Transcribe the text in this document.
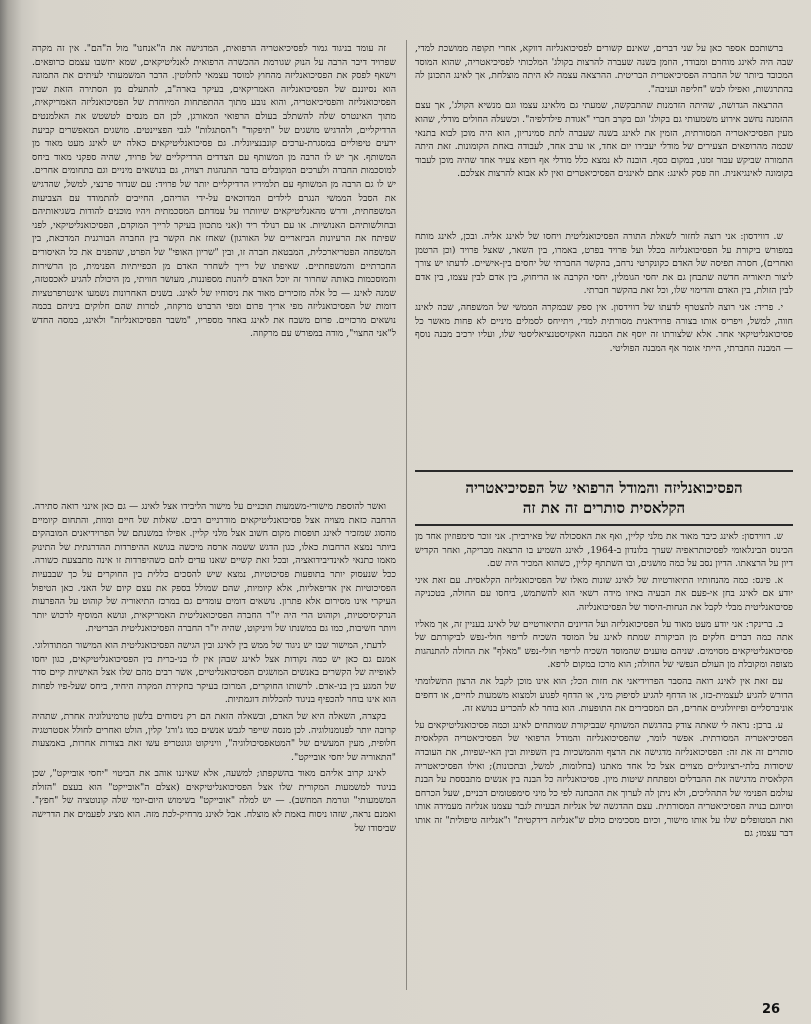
ברשותכם אספר כאן על שני דברים, שאינם קשורים לפסיכואנליזה דווקא, אחרי תקופה ממושכת למדי, שבה היה לאינג מוחרם ומבודד, הוזמן בשנה שעברה להרצות בקולג' המלכותי לפסיכיאטריה, שהוא המוסד המכובד ביותר של החברה הפסיכיאטרית הבריטית. ההרצאה עצמה לא היתה מוצלחת, אך לאינג התכונן לה בהתרגשות, ואפילו לבש "חליפה ועניבה".

ההרצאה הגדושה, שהיתה הזדמנות שהתבקשה, שמעתי גם מלאינג עצמו וגם מנשיא הקולג', אך עצם ההזמנה נחשב אירוע משמעותי גם בקולג' וגם בקרב חברי "אגודת פילדלפיה". וכשעלה החולים מודלי, שהוא מעין הפסיכיאטריה המסורתית, הזמין את לאינג בשנה שעברה לתת סמינריון, הוא היה מוכן לבוא בתנאי שכמה מהרופאים הצעירים של מודלי יעבירו יום אחד, או ערב אחד, לעבודה באחת הקומונות. זאת היתה התמורה שביקש עבור זמנו, במקום כסף. הובנה לא נמצא כלל מודלי אף רופא צעיר אחד שהיה מוכן לעבוד בקומונה לאינגיאנית. וזה פסק לאינג: אתם לאינגים הפסיכיאטרים ואין לא אבוא להרצות אצלכם.

ש. דווידסון: אני רוצה לחזור לשאלת התורה הפסיכואנליטית ויחסו של לאינג אליה. ובכן, לאינג מותח במפורש ביקורת על הפסיכואנליזה בכלל ועל פרויד בפרט, באמרו, בין השאר, שאצל פרויד (וכן הרטמן ואחרים), חסרה תפיסה של האדם כקונקרטי נרחב, בהקשר החברתי של יחסים בין-אישיים. לדעתו יש צורך ליצור תיאוריה חדשה שתבחן גם את יחסי הגומלין, יחסי הקרבה או הריחוק, בין אדם לבין עצמו, בין אדם לבין הזולת, בין האדם והדימוי שלו, וכל זאת בהקשר חברתי.

י. פריד: אני רוצה להצטרף לדעתו של דווידסון. אין ספק שבמקרה הממשי של המשפחה, שבה לאינג חווה, למשל, ויפריס אותו בצורה פרוידאנית מסורתית למדי, ויתייחס לסמלים מיניים לא פחות מאשר כל פסיכואנליטיקאי אחר. אלא שלצורתו זה יוסף את המבנה האקזיסטנציאליסטי שלו, ועליו ירכיב מבנה נוסף — המבנה החברתי, הייתי אומר אף המבנה הפוליטי.

הפסיכואנליזה והמודל הרפואי של הפסיכיאטריה
הקלאסית סותרים זה את זה

ש. דווידסון: לאינג כיבד מאוד את מלני קליין, ואף את האסכולה של פאירבירן. אני זוכר סימפוזיון אחד מן הכינוס הבינלאומי לפסיכותראפיה שערך בלונדון ב-1964, לאינג השמיע בו הרצאה מבריקה, ואחר הקדיש דיון על הרצאתו. הדיון נסב על כמה מושגים, ובו השתתף קליין, כשהוא המכיר היה שם.

א. פינס: כמה מהנחותיו התיאורטיות של לאינג שונות מאלו של הפסיכואנליזה הקלאסית. עם זאת איני יודע אם לאינג בחן אי-פעם את הבעיה באיזו מידה רשאי הוא להשתמש, ביחסו עם החולה, בטכניקה פסיכואנליטית מבלי לקבל את הנחות-היסוד של הפסיכואנליזה.

ב. ברינקר: אני יודע מעט מאוד על הפסיכואנליזה ועל הדיונים התיאורטיים של לאינג בעניין זה, אך מאליו אתה כמה דברים חלקים מן הביקורת שמתח לאינג על המוסד השכיח לריפוי חולי-נפש לביקורתם של פסיכואנליטיקאים מסוימים. שניהם טוענים שהמוסד השכיח לריפוי חולי-נפש "מאלף" את החולה להתנהגות מצופה ומקובלת מן העולם הנפשי של החולה; הוא מרכז במקום לרפא.

עם זאת אין לאינג רואה בהסבר הפרוידיאני את חזות הכל; הוא אינו מוכן לקבל את הרצון התשלומתי הדורש להגיע לעצמית-כזו, או הדחף להגיע לסיפוק מיני, או הדחף לפגוע ולמצוא משמעות לחיים, או דחפים אוניברסליים ופיזיולוגיים אחרים, הם המסבירים את התופעות. הוא בוחר לא להכריע בנושא זה.

ע. ברכן: נראה לי שאתה צודק בהדגשת המשותף שבביקורת שמותחים לאינג וכמה פסיכואנליטיקאים על הפסיכיאטריה המסורתית. אפשר לומר, שהפסיכואנליזה והמודל הרפואי של הפסיכיאטריה הקלאסית סותרים זה את זה: הפסיכואנליזה מדגישה את הרצף וההמשכיות בין השפיות ובין האי-שפיות, את העובדה שיסודות בלתי-רציונליים מצויים אצל כל אחד מאתנו (בחלומות, למשל, ובתכונות); ואילו הפסיכיאטריה הקלאסית מדגישה את ההבדלים ומפתחת שיטות מיון. פסיכואנליזה כל הבנה בין אנשים מתבססת על הבנת עולמם הפנימי של התהליכים, ולא ניתן לה לערוך את ההבחנה לפי כל מיני סימפטומים דבניים, שעל הכרחם וסיווגם בנויה הפסיכיאטריה המסורתית. עצם ההדגשה של אנליזת הבעיות לגבר עצמנו אנליזה מעמידה אותו ואת המטופלים שלו על אותו מישור, וכיום מסכימים כולם ש"אנליזה דידקטית" ו"אנליזה טיפולית" זה אותו דבר עצמו; גם

זה עומד בניגוד גמור לפסיכיאטריה הרפואית, המדגישה את ה"אנחנו" מול ה"הם". אין זה מקרה שפרויד דיבר הרבה על הנוק שגורמת ההכשרה הרפואית לאנליטיקאים, שמא יחשבו עצמם כרופאים. וישאף לפסק את הפסיכואנליזה מהחוץ למוסד עצמאי לחלוטין. הדבר המשמעותי לעיתים את התמונה הוא נסיוננם של הפסיכואנליזה האמריקאים, בעיקר בארה"ב, להתעלם מן הסתירה הזאת שבין הפסיכואנליזה והפסיכיאטריה, והוא נובע מתוך ההתפתחות המיוחדת של הפסיכואנליזה האמריקאית, מתוך האינטרס שלה להשתלב בעולם הרפואי המאורגן, לכן הם מנסים לטשטש את האלמנטים הרדיקליים, ולהדגיש מושגים של "תיפקוד" ו"הסתגלות" לגבי הפציינטים. מושגים המאפשרים קביעת ידעים טיפוליים במסגרת-ערכים קונבנציונלית. גם פסיכואנליטיקאים כאלה יש לאינג מעט מאוד מן המשותף. אך יש לו הרבה מן המשותף עם הצדדים הרדיקליים של פרויד, שהיה ספקני מאוד ביחס למוסכמות החברה ולערכים המקובלים בדבר התנהגות רצויה, גם בנושאים מיניים וגם בתחומים אחרים. יש לו גם הרבה מן המשותף עם תלמידיו הרדיקליים יותר של פרויד: עם שנדור פרנצי, למשל, שהדגיש את הסבל הממשי הנגרם לילדים המדוכאים על-ידי הוריהם, החייבים להתמודד עם הצביעות המשפחתית, ודרש מהאנליטיקאים שיוותרו על עמדתם המסכמתית ויהיו מוכנים להודות בשגיאותיהם ובחולשותיהם האנושיות. או עם רנולד ריד ו(אני מתכוון בעיקר לרייך המוקדם, הפסיכואנליטיקאי, לפני שפיתח את הרעיונות הביזאריים של האורגון) שאחז את הקשר בין החברה הבורגנית המדכאת, בין המשפחה הפטריארכלית, המבטאת חברה זו, ובין "שריון האופי" של הפרט, שהפנים את כל האיסורים החברתיים והמשפחתיים. שאיפתו של רייך לשחרר האדם מן הכפייתיות הפנימית, מן הרשירות והמוסכמות באותה שחרור זה יוכל האדם ליהנות מספוננות, מעושר חוויתי, מן היכולת להגיע לאכסטזה, שמנה לאינג — כל אלה מזכירים מאוד את ניסוחיו של לאינג. בשנים האחרונות נשמעו אינטרפרטציות דומות של הפסיכואנליזה מפי אריך פרום ומפי הרברט מרקוזה, למרות שהם חלוקים ביניהם בכמה נושאים מרכזיים. פרום משבח את לאינג באחד מספריו, "משבר הפסיכואנליזה" ולאינג, במסה החדש ל"אני החצוי", מודה במפורש עם מרקוזה.

ואשר להוספת מישורי-משמעות תוכניים על מישור הליבידו אצל לאינג — גם כאן אינני רואה סתירה. הרחבה כזאת מצויה אצל פסיכואנליטיקאים מודרניים רבים. שאלות של חיים ומוות, והתחום קיומיים מהסוג שמזכיר לאינג תופסות מקום חשוב אצל מלני קליין. אפילו במשנתם של הפרוידיאנים המובהקים ביותר נמצא הרחבות כאלו, כגון הדגש ששמה ארסה מיכשה בגושא ההיפרדות ההדרגתית של התינוק מאמו כתנאי לאינדיבידואציה, ובכל זאת קשיים שאנו עדים להם כשהיפרדות זו אינה מתבצעת כשורה. ככל שנעסוק יותר בתופעות פסיכוטיות, נמצא שיש להסכים כללית בין החוקרים על כך שבבעיות הפסיכוטיות אין אדיפאליות, אלא קיומיות, שהם שמולל בספק את עצם קיום של האני. כאן הטיפול העיקרי אינו מסירום אלא פתרון. נושאים דומים עומדים גם במרכז התיאוריה של קוהוט על ההפרעות הנרקיסיסטיות, וקוהוט הרי היה יו"ר החברה הפסיכואנליטית האמריקאית, ונושא המוסיף לרכוש יותר ויותר חשיבות, כמו גם במשנתו של וויניקוט, שהיה יו"ר החברה הפסיכואנליטית הבריטית.

לדעתי, המישור שבו יש ניגוד של ממש בין לאינג ובין הגישה הפסיכואנליטית הוא המישור המתודולוגי. אמנם גם כאן יש כמה נקודות אצל לאינג שבהן אין לו בני-ברית בין הפסיכואנליטיקאים, כגון יחסו לאופייה של הקשרים באנשים המושגים הפסיכואנליטיים, אשר רבים מהם שלו אצל האישיות קיים סדר של המגע בין בני-אדם. לרשותו החוקרים, המרוכז בעיקר בחקירת המקרה היחיד, ביחס שעל-פיו לפחות הוא אינו בוחר להכפיף בניגוד להכללות דוגמתיות.

בקצרה, השאלה היא של האדם, ובשאלה הזאת הם רק ניסוחים בלשון טרמינולוגיה אחרת, שתהיה קרובה יותר לפנומנולוגיה. לכן מנסה שייפר לגבש אנשים כמו ג'ורג' קלין, הולט ואחרים לחולל אסטרטגיה חלופית, מעין המעשים של "המטאפסיכולוגיה", וויניקוט וגונטריפ עשו זאת בצורות אחרות, באמצעות "התאוריה של יחסי אובייקט".

לאינג קרוב אליהם מאוד בהשקפתו; למשעה, אלא שאיננו אוהב את הביטוי "יחסי אובייקט", שכן בניגוד למשמעות המקורית שלו אצל הפסיכואנליטיקאים (אצלם ה"אובייקט" הוא בעצם "הזולת המשמעותי" וגורמת המחשב). — יש למלה "אובייקט" בשימוש היום-יומי שלה קונוטציה של "חפץ". ואמנם נראה, שזהו ניסוח באמת לא מוצלח. אבל לאינג מרחיק-לכת מזה. הוא מציג לפעמים את הדרישה שביסודו של

26
